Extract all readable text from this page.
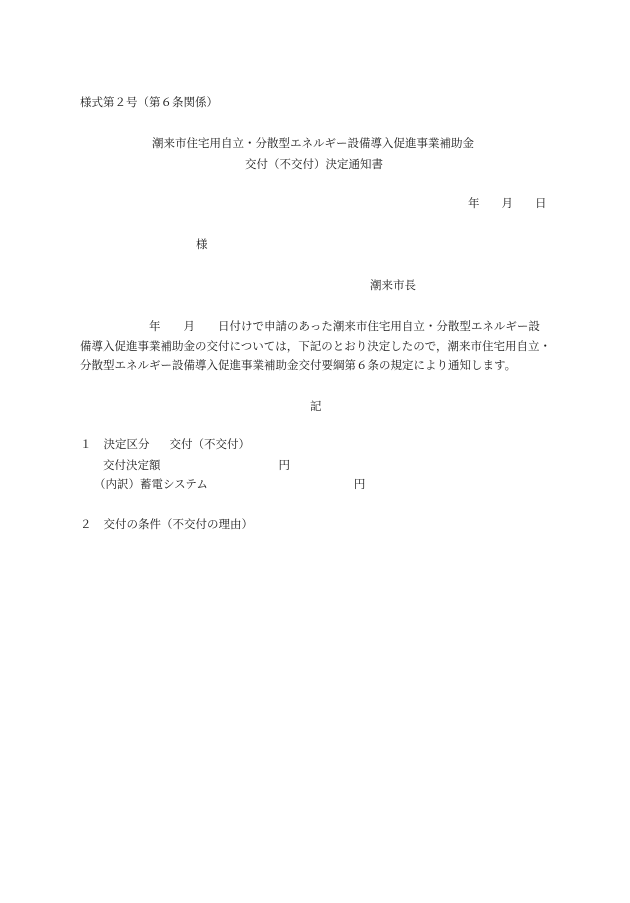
様式第２号（第６条関係）
潮来市住宅用自立・分散型エネルギー設備導入促進事業補助金
交付（不交付）決定通知書
年 月 日
様
潮来市長
年　　月　　日付けで申請のあった潮来市住宅用自立・分散型エネルギー設
備導入促進事業補助金の交付については，下記のとおり決定したので，潮来市住宅用自立・
分散型エネルギー設備導入促進事業補助金交付要綱第６条の規定により通知します。
記
１ 決定区分 交付（不交付）
交付決定額	円
（内訳）蓄電システム	円
２ 交付の条件（不交付の理由）
